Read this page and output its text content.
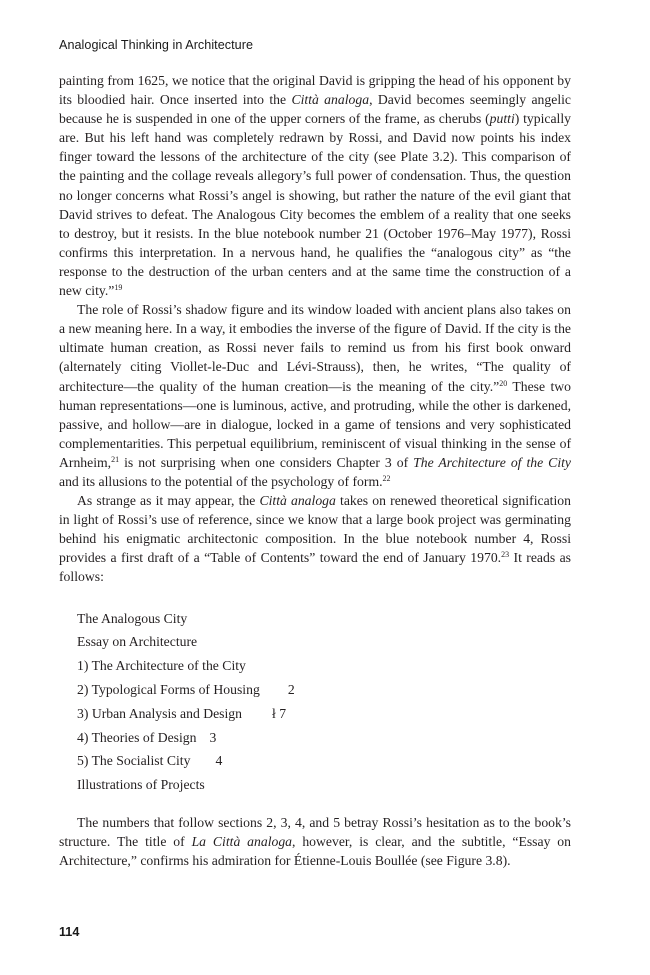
Analogical Thinking in Architecture

painting from 1625, we notice that the original David is gripping the head of his opponent by its bloodied hair. Once inserted into the Città analoga, David becomes seemingly angelic because he is suspended in one of the upper corners of the frame, as cherubs (putti) typically are. But his left hand was completely redrawn by Rossi, and David now points his index finger toward the lessons of the architecture of the city (see Plate 3.2). This comparison of the painting and the collage reveals allegory’s full power of condensation. Thus, the question no longer concerns what Rossi’s angel is showing, but rather the nature of the evil giant that David strives to defeat. The Analogous City becomes the emblem of a reality that one seeks to destroy, but it resists. In the blue notebook number 21 (October 1976–May 1977), Rossi confirms this interpretation. In a nervous hand, he qualifies the “analogous city” as “the response to the destruction of the urban centers and at the same time the construction of a new city.”$^{19}$

The role of Rossi’s shadow figure and its window loaded with ancient plans also takes on a new meaning here. In a way, it embodies the inverse of the figure of David. If the city is the ultimate human creation, as Rossi never fails to remind us from his first book onward (alternately citing Viollet-le-Duc and Lévi-Strauss), then, he writes, “The quality of architecture—the quality of the human creation—is the meaning of the city.”$^{20}$ These two human representations—one is luminous, active, and protruding, while the other is darkened, passive, and hollow—are in dialogue, locked in a game of tensions and very sophisticated complementarities. This perpetual equilibrium, reminiscent of visual thinking in the sense of Arnheim,$^{21}$ is not surprising when one considers Chapter 3 of The Architecture of the City and its allusions to the potential of the psychology of form.$^{22}$

As strange as it may appear, the Città analoga takes on renewed theoretical signification in light of Rossi’s use of reference, since we know that a large book project was germinating behind his enigmatic architectonic composition. In the blue notebook number 4, Rossi provides a first draft of a “Table of Contents” toward the end of January 1970.23 It reads as follows:

The Analogous City
Essay on Architecture
1) The Architecture of the City
2) Typological Forms of Housing 2
3) Urban Analysis and Design ł 7
4) Theories of Design 3
5) The Socialist City 4
Illustrations of Projects

The numbers that follow sections 2, 3, 4, and 5 betray Rossi’s hesitation as to the book’s structure. The title of La Città analoga, however, is clear, and the subtitle, “Essay on Architecture,” confirms his admiration for Étienne-Louis Boullée (see Figure 3.8).

114
